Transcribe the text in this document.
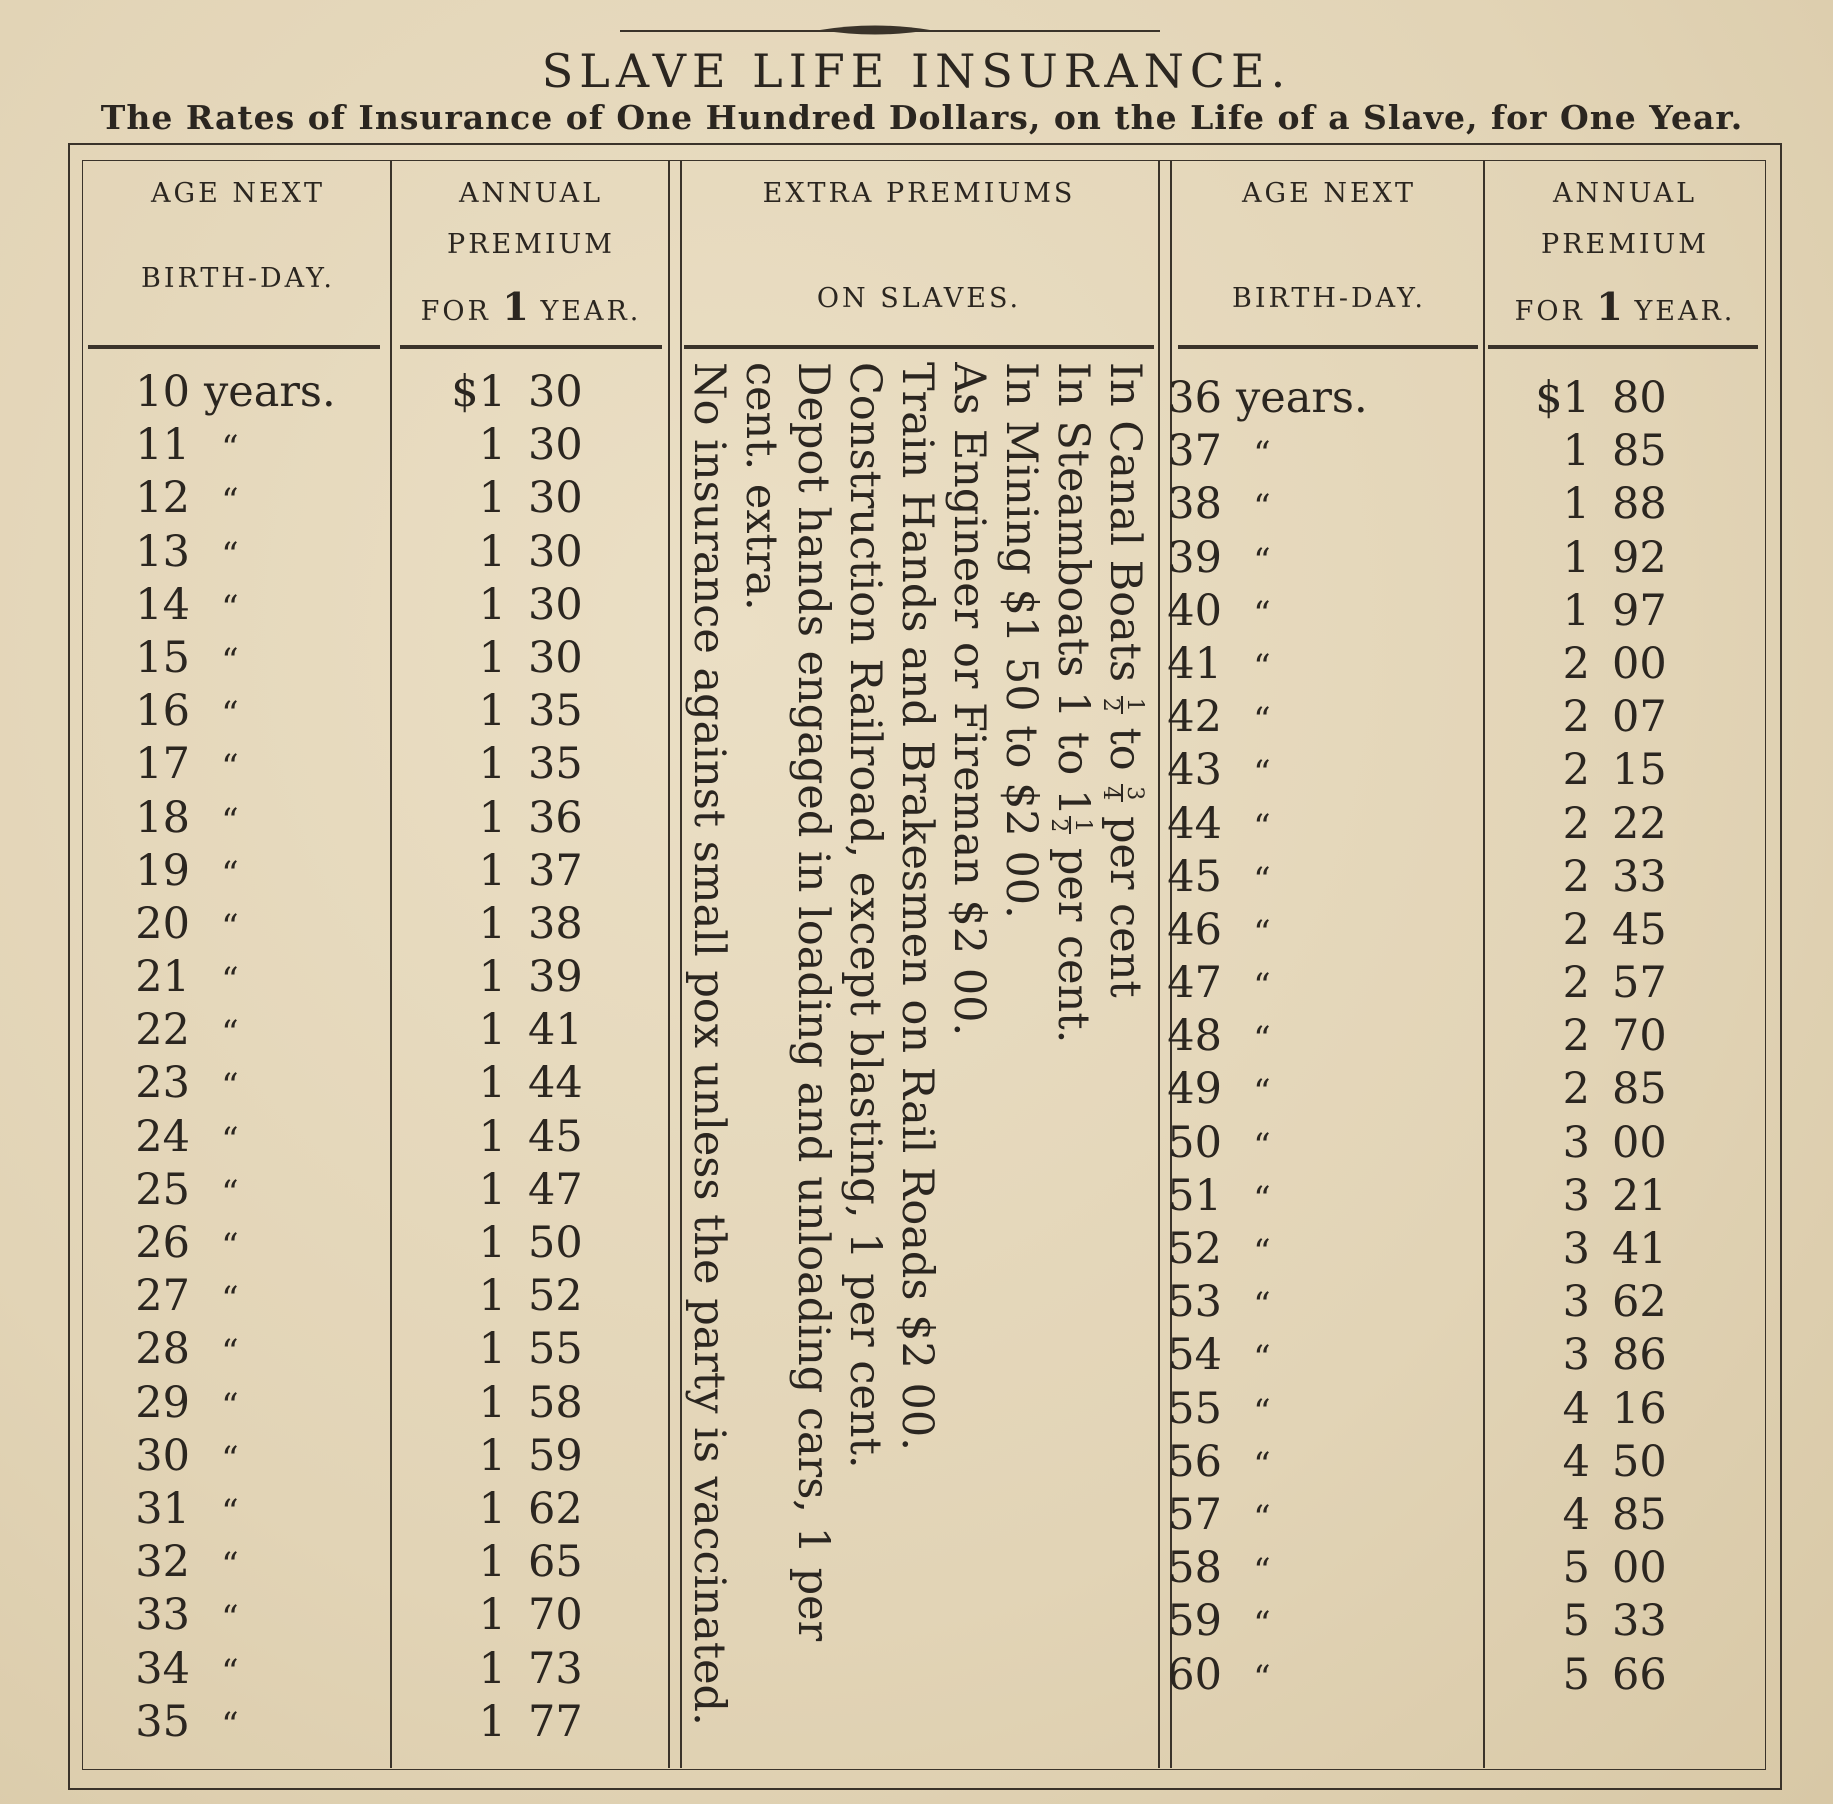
SLAVE LIFE INSURANCE.
The Rates of Insurance of One Hundred Dollars, on the Life of a Slave, for One Year.
AGE NEXT
BIRTH-DAY.
ANNUAL
PREMIUM
FOR 1 YEAR.
EXTRA PREMIUMS
ON SLAVES.
AGE NEXT
BIRTH-DAY.
ANNUAL
PREMIUM
FOR 1 YEAR.
10 years.
11 “
12 “
13 “
14 “
15 “
16 “
17 “
18 “
19 “
20 “
21 “
22 “
23 “
24 “
25 “
26 “
27 “
28 “
29 “
30 “
31 “
32 “
33 “
34 “
35 “
$1 30
1 30
1 30
1 30
1 30
1 30
1 35
1 35
1 36
1 37
1 38
1 39
1 41
1 44
1 45
1 47
1 50
1 52
1 55
1 58
1 59
1 62
1 65
1 70
1 73
1 77
36 years.
37 “
38 “
39 “
40 “
41 “
42 “
43 “
44 “
45 “
46 “
47 “
48 “
49 “
50 “
51 “
52 “
53 “
54 “
55 “
56 “
57 “
58 “
59 “
60 “
$1 80
1 85
1 88
1 92
1 97
2 00
2 07
2 15
2 22
2 33
2 45
2 57
2 70
2 85
3 00
3 21
3 41
3 62
3 86
4 16
4 50
4 85
5 00
5 33
5 66
In Canal Boats
1
2
to
3
4
per cent
In Steamboats 1 to 1
1
2
per cent.
In Mining $1 50 to $2 00.
As Engineer or Fireman $2 00.
Train Hands and Brakesmen on Rail Roads $2 00.
Construction Railroad, except blasting, 1 per cent.
Depot hands engaged in loading and unloading cars, 1 per
cent. extra.
No insurance against small pox unless the party is vaccinated.
